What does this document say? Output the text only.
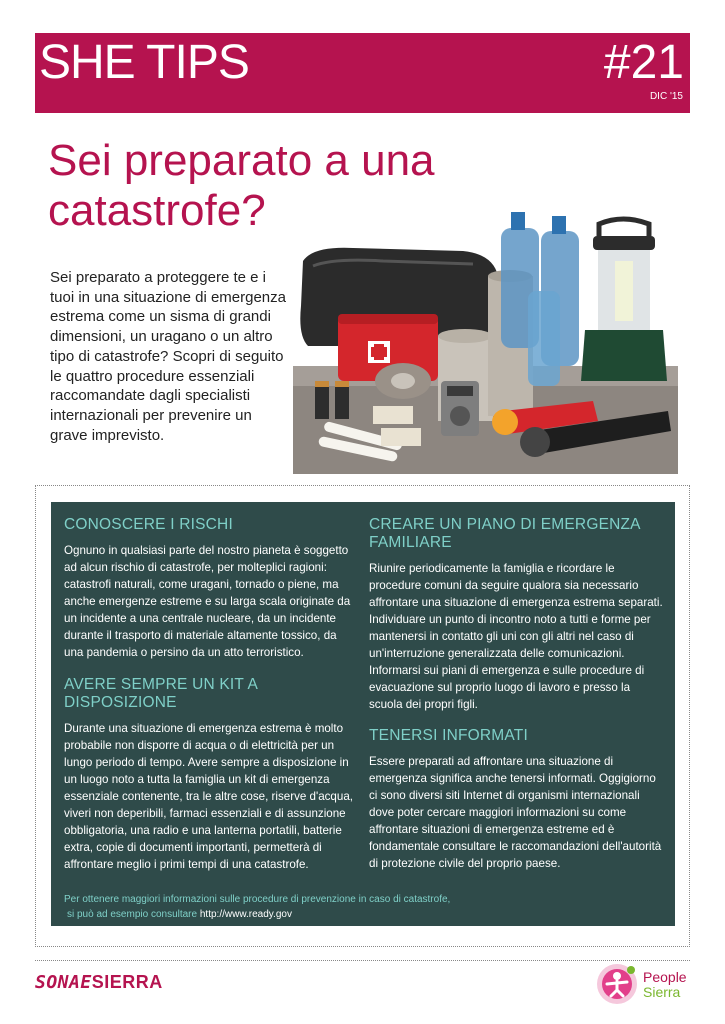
SHE TIPS	#21
DIC '15
Sei preparato a una catastrofe?
Sei preparato a proteggere te e i tuoi in una situazione di emergenza estrema come un sisma di grandi dimensioni, un uragano o un altro tipo di catastrofe? Scopri di seguito le quattro procedure essenziali raccomandate dagli specialisti internazionali per prevenire un grave imprevisto.
CONOSCERE I RISCHI

Ognuno in qualsiasi parte del nostro pianeta è soggetto ad alcun rischio di catastrofe, per molteplici ragioni: catastrofi naturali, come uragani, tornado o piene, ma anche emergenze estreme e su larga scala originate da un incidente a una centrale nucleare, da un incidente durante il trasporto di materiale altamente tossico, da una pandemia o persino da un atto terroristico.

AVERE SEMPRE UN KIT A DISPOSIZIONE

Durante una situazione di emergenza estrema è molto probabile non disporre di acqua o di elettricità per un lungo periodo di tempo. Avere sempre a disposizione in un luogo noto a tutta la famiglia un kit di emergenza essenziale contenente, tra le altre cose, riserve d'acqua, viveri non deperibili, farmaci essenziali e di assunzione obbligatoria, una radio e una lanterna portatili, batterie extra, copie di documenti importanti, permetterà di affrontare meglio i primi tempi di una catastrofe.

CREARE UN PIANO DI EMERGENZA FAMILIARE

Riunire periodicamente la famiglia e ricordare le procedure comuni da seguire qualora sia necessario affrontare una situazione di emergenza estrema separati. Individuare un punto di incontro noto a tutti e forme per mantenersi in contatto gli uni con gli altri nel caso di un'interruzione generalizzata delle comunicazioni. Informarsi sui piani di emergenza e sulle procedure di evacuazione sul proprio luogo di lavoro e presso la scuola dei propri figli.

TENERSI INFORMATI

Essere preparati ad affrontare una situazione di emergenza significa anche tenersi informati. Oggigiorno ci sono diversi siti Internet di organismi internazionali dove poter cercare maggiori informazioni su come affrontare situazioni di emergenza estreme ed è fondamentale consultare le raccomandazioni dell'autorità di protezione civile del proprio paese.

Per ottenere maggiori informazioni sulle procedure di prevenzione in caso di catastrofe,
si può ad esempio consultare http://www.ready.gov
SONAESIERRA	People
Sierra
